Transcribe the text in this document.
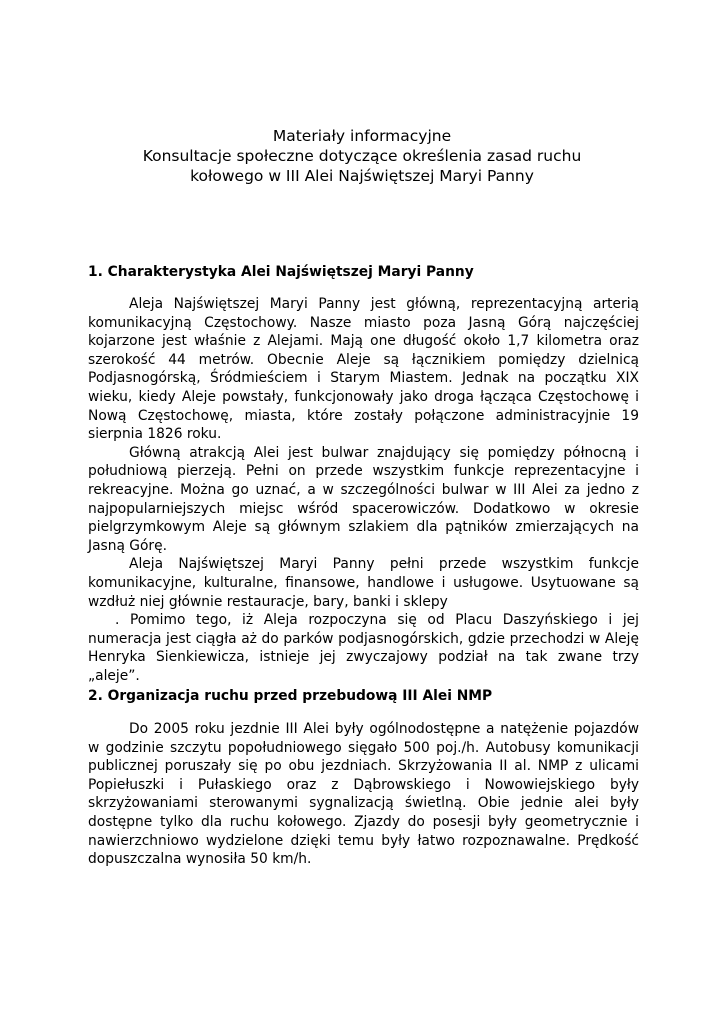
Materiały informacyjne
Konsultacje społeczne dotyczące określenia zasad ruchu
kołowego w III Alei Najświętszej Maryi Panny
1. Charakterystyka Alei Najświętszej Maryi Panny

Aleja Najświętszej Maryi Panny jest główną, reprezentacyjną arterią komunikacyjną Częstochowy. Nasze miasto poza Jasną Górą najczęściej kojarzone jest właśnie z Alejami. Mają one długość około 1,7 kilometra oraz szerokość 44 metrów. Obecnie Aleje są łącznikiem pomiędzy dzielnicą Podjasnogórską, Śródmieściem i Starym Miastem. Jednak na początku XIX wieku, kiedy Aleje powstały, funkcjonowały jako droga łącząca Częstochowę i Nową Częstochowę, miasta, które zostały połączone administracyjnie 19 sierpnia 1826 roku.

Główną atrakcją Alei jest bulwar znajdujący się pomiędzy północną i południową pierzeją. Pełni on przede wszystkim funkcje reprezentacyjne i rekreacyjne. Można go uznać, a w szczególności bulwar w III Alei za jedno z najpopularniejszych miejsc wśród spacerowiczów. Dodatkowo w okresie pielgrzymkowym Aleje są głównym szlakiem dla pątników zmierzających na Jasną Górę.

Aleja Najświętszej Maryi Panny pełni przede wszystkim funkcje komunikacyjne, kulturalne, finansowe, handlowe i usługowe. Usytuowane są wzdłuż niej głównie restauracje, bary, banki i sklepy

. Pomimo tego, iż Aleja rozpoczyna się od Placu Daszyńskiego i jej numeracja jest ciągła aż do parków podjasnogórskich, gdzie przechodzi w Aleję Henryka Sienkiewicza, istnieje jej zwyczajowy podział na tak zwane trzy „aleje”.

2. Organizacja ruchu przed przebudową III Alei NMP

Do 2005 roku jezdnie III Alei były ogólnodostępne a natężenie pojazdów w godzinie szczytu popołudniowego sięgało 500 poj./h. Autobusy komunikacji publicznej poruszały się po obu jezdniach. Skrzyżowania II al. NMP z ulicami Popiełuszki i Pułaskiego oraz z Dąbrowskiego i Nowowiejskiego były skrzyżowaniami sterowanymi sygnalizacją świetlną. Obie jednie alei były dostępne tylko dla ruchu kołowego. Zjazdy do posesji były geometrycznie i nawierzchniowo wydzielone dzięki temu były łatwo rozpoznawalne. Prędkość dopuszczalna wynosiła 50 km/h.
